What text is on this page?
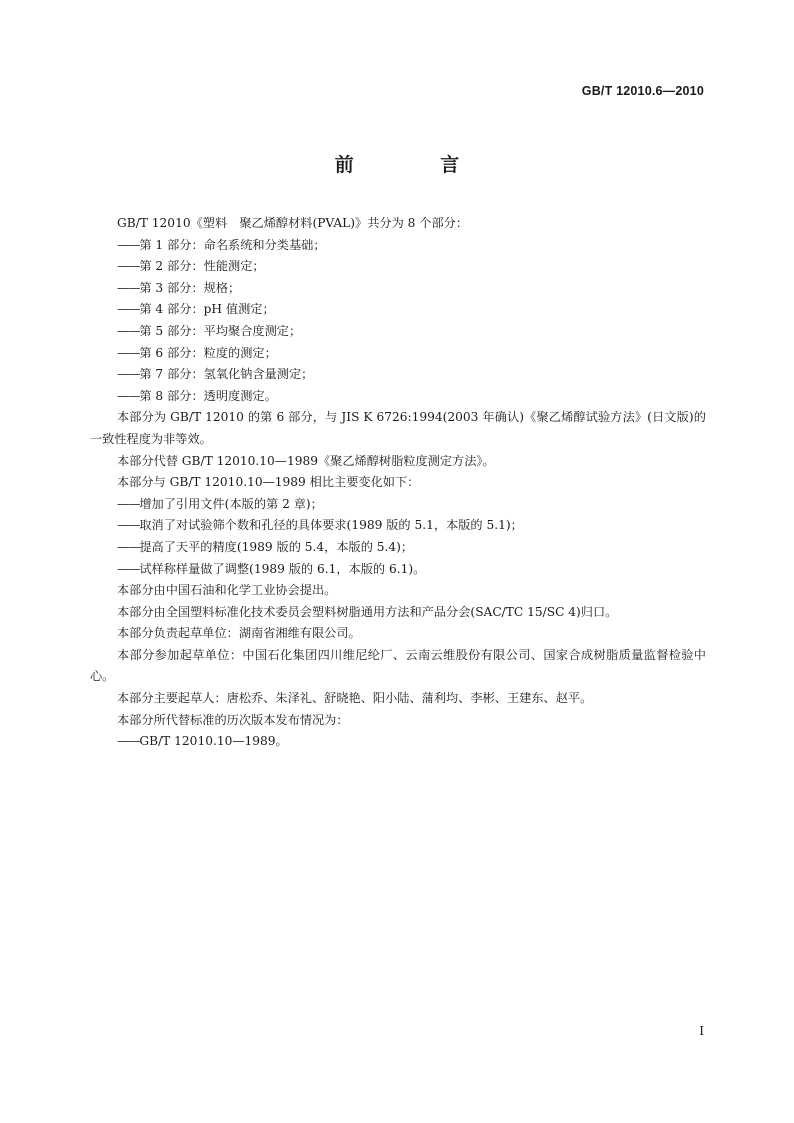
GB/T 12010.6—2010
前 言

GB/T 12010《塑料　聚乙烯醇材料(PVAL)》共分为 8 个部分：

—— 第 1 部分：命名系统和分类基础；

—— 第 2 部分：性能测定；

—— 第 3 部分：规格；

—— 第 4 部分：pH 值测定；

—— 第 5 部分：平均聚合度测定；

—— 第 6 部分：粒度的测定；

—— 第 7 部分：氢氧化钠含量测定；

—— 第 8 部分：透明度测定。

本部分为 GB/T 12010 的第 6 部分，与 JIS K 6726:1994(2003 年确认)《聚乙烯醇试验方法》(日文版)的一致性程度为非等效。

本部分代替 GB/T 12010.10—1989《聚乙烯醇树脂粒度测定方法》。

本部分与 GB/T 12010.10—1989 相比主要变化如下：

—— 增加了引用文件(本版的第 2 章)；

—— 取消了对试验筛个数和孔径的具体要求(1989 版的 5.1，本版的 5.1)；

—— 提高了天平的精度(1989 版的 5.4，本版的 5.4)；

—— 试样称样量做了调整(1989 版的 6.1，本版的 6.1)。

本部分由中国石油和化学工业协会提出。

本部分由全国塑料标准化技术委员会塑料树脂通用方法和产品分会(SAC/TC 15/SC 4)归口。

本部分负责起草单位：湖南省湘维有限公司。

本部分参加起草单位：中国石化集团四川维尼纶厂、云南云维股份有限公司、国家合成树脂质量监督检验中心。

本部分主要起草人：唐松乔、朱泽礼、舒晓艳、阳小陆、蒲利均、李彬、王建东、赵平。

本部分所代替标准的历次版本发布情况为：

—— GB/T 12010.10—1989。

I
